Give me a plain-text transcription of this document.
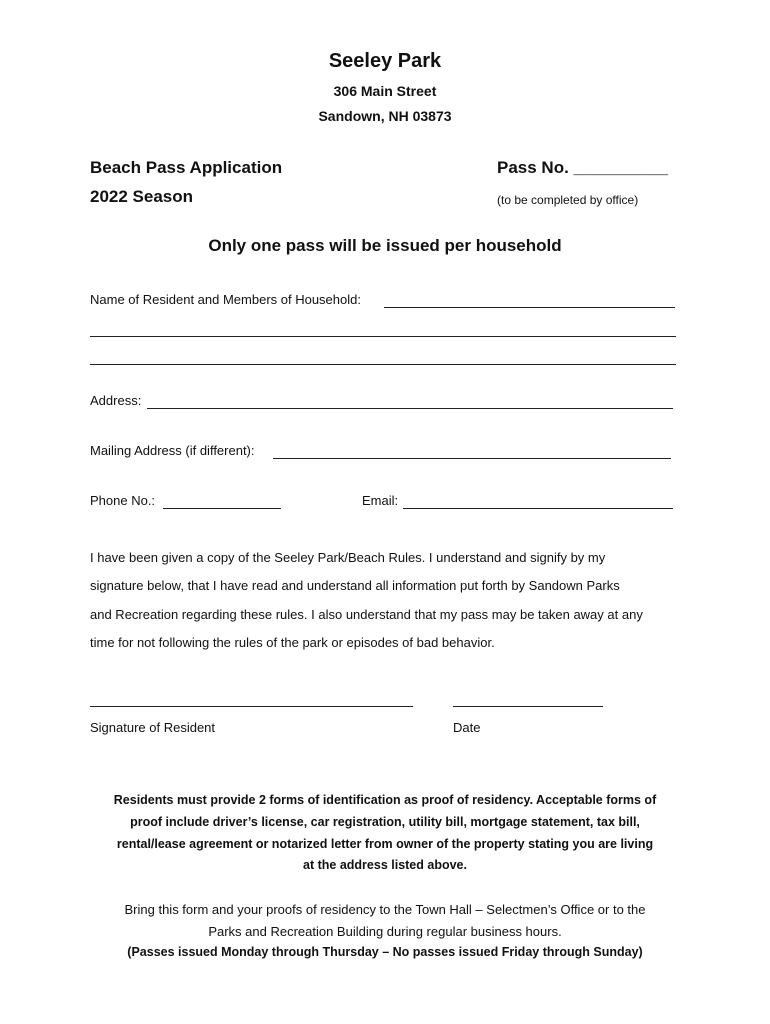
Seeley Park
306 Main Street
Sandown, NH 03873
Beach Pass Application
2022 Season
Pass No. __________
(to be completed by office)
Only one pass will be issued per household
Name of Resident and Members of Household:
Address:
Mailing Address (if different):
Phone No.:	Email:
I have been given a copy of the Seeley Park/Beach Rules. I understand and signify by my
signature below, that I have read and understand all information put forth by Sandown Parks
and Recreation regarding these rules. I also understand that my pass may be taken away at any
time for not following the rules of the park or episodes of bad behavior.
Signature of Resident	Date
Residents must provide 2 forms of identification as proof of residency. Acceptable forms of
proof include driver’s license, car registration, utility bill, mortgage statement, tax bill,
rental/lease agreement or notarized letter from owner of the property stating you are living
at the address listed above.
Bring this form and your proofs of residency to the Town Hall – Selectmen’s Office or to the
Parks and Recreation Building during regular business hours.
(Passes issued Monday through Thursday – No passes issued Friday through Sunday)
